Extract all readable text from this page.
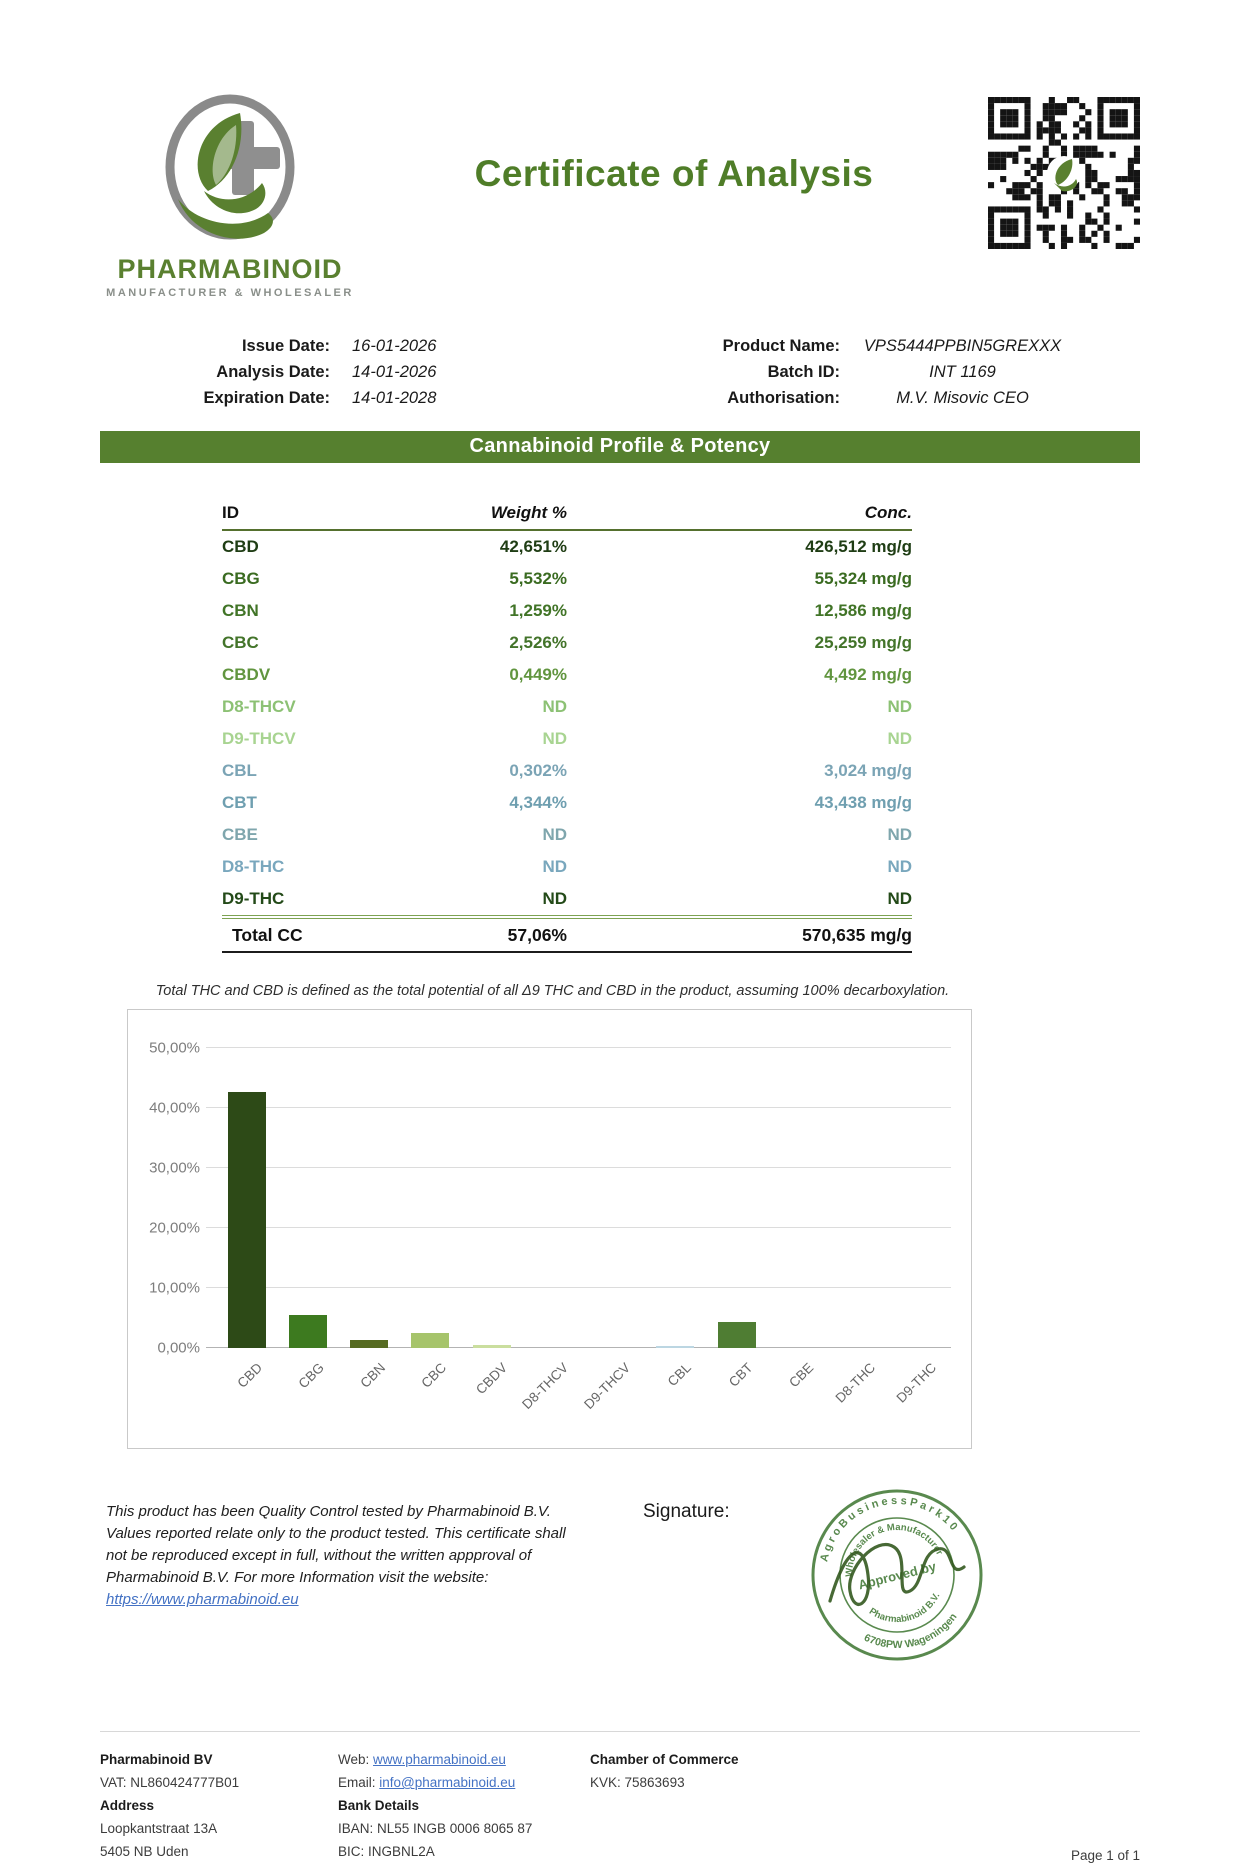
PHARMABINOID
MANUFACTURER & WHOLESALER
Certificate of Analysis
Issue Date: 16-01-2026
Analysis Date: 14-01-2026
Expiration Date: 14-01-2028
Product Name:	VPS5444PPBIN5GREXXX
Batch ID:	INT 1169
Authorisation:	M.V. Misovic CEO
Cannabinoid Profile & Potency
ID	Weight %	Conc.
CBD	42,651%	426,512 mg/g
CBG	5,532%	55,324 mg/g
CBN	1,259%	12,586 mg/g
CBC	2,526%	25,259 mg/g
CBDV	0,449%	4,492 mg/g
D8-THCV	ND	ND
D9-THCV	ND	ND
CBL	0,302%	3,024 mg/g
CBT	4,344%	43,438 mg/g
CBE	ND	ND
D8-THC	ND	ND
D9-THC	ND	ND
Total CC	57,06%	570,635 mg/g
Total THC and CBD is defined as the total potential of all Δ9 THC and CBD in the product, assuming 100% decarboxylation.
0,00%
10,00%
20,00%
30,00%
40,00%
50,00%
CBD CBG CBN CBC CBDV D8-THCV D9-THCV CBL CBT CBE D8-THC D9-THC
This product has been Quality Control tested by Pharmabinoid B.V. Values reported relate only to the product tested. This certificate shall not be reproduced except in full, without the written appproval of Pharmabinoid B.V. For more Information visit the website: https://www.pharmabinoid.eu
Signature:
A g r o B u s i n e s s P a r k 1 0
6708PW Wageningen
Wholesaler & Manufacturer
Pharmabinoid B.V.
Approved by
Pharmabinoid BV
VAT: NL860424777B01
Address
Loopkantstraat 13A
5405 NB Uden
Web: www.pharmabinoid.eu
Email: info@pharmabinoid.eu
Bank Details
IBAN: NL55 INGB 0006 8065 87
BIC: INGBNL2A
Chamber of Commerce
KVK: 75863693
Page 1 of 1
